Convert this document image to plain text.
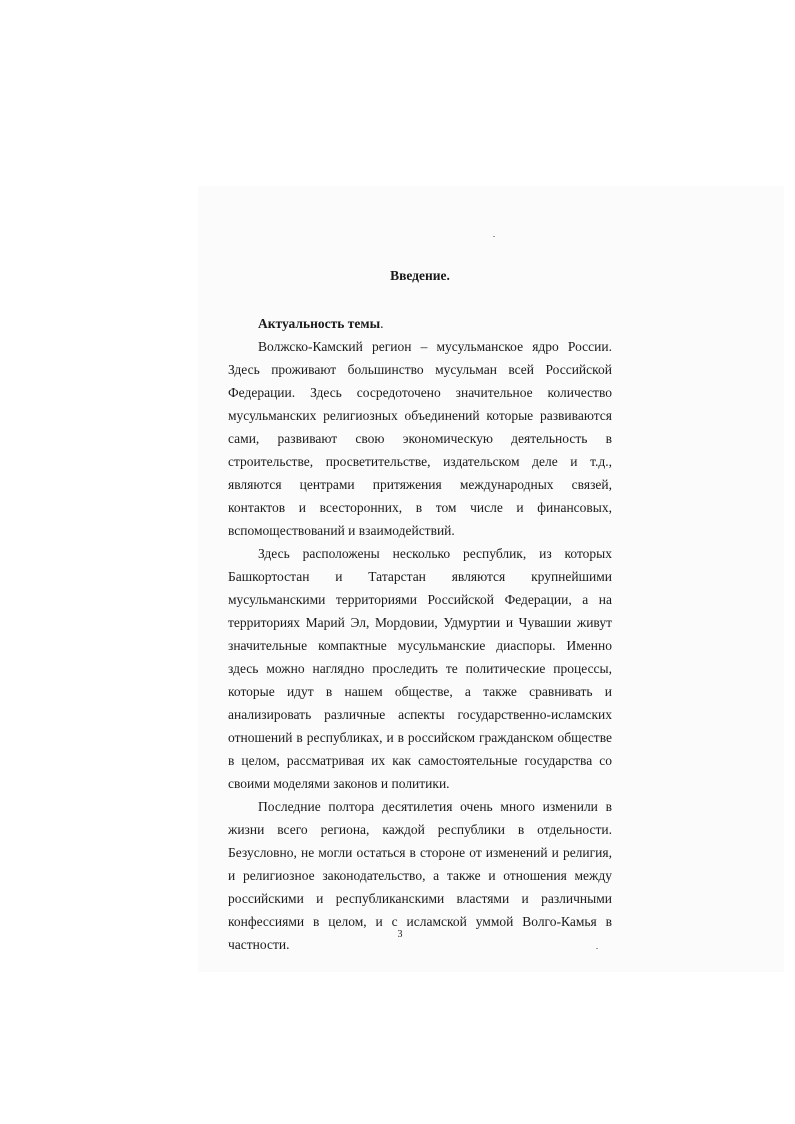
Введение.

Актуальность темы.

Волжско-Камский регион – мусульманское ядро России. Здесь проживают большинство мусульман всей Российской Федерации. Здесь сосредоточено значительное количество мусульманских религиозных объединений которые развиваются сами, развивают свою экономическую деятельность в строительстве, просветительстве, издательском деле и т.д., являются центрами притяжения международных связей, контактов и всесторонних, в том числе и финансовых, вспомоществований и взаимодействий.

Здесь расположены несколько республик, из которых Башкортостан и Татарстан являются крупнейшими мусульманскими территориями Российской Федерации, а на территориях Марий Эл, Мордовии, Удмуртии и Чувашии живут значительные компактные мусульманские диаспоры. Именно здесь можно наглядно проследить те политические процессы, которые идут в нашем обществе, а также сравнивать и анализировать различные аспекты государственно-исламских отношений в республиках, и в российском гражданском обществе в целом, рассматривая их как самостоятельные государства со своими моделями законов и политики.

Последние полтора десятилетия очень много изменили в жизни всего региона, каждой республики в отдельности. Безусловно, не могли остаться в стороне от изменений и религия, и религиозное законодательство, а также и отношения между российскими и республиканскими властями и различными конфессиями в целом, и с исламской уммой Волго-Камья в частности.

3
